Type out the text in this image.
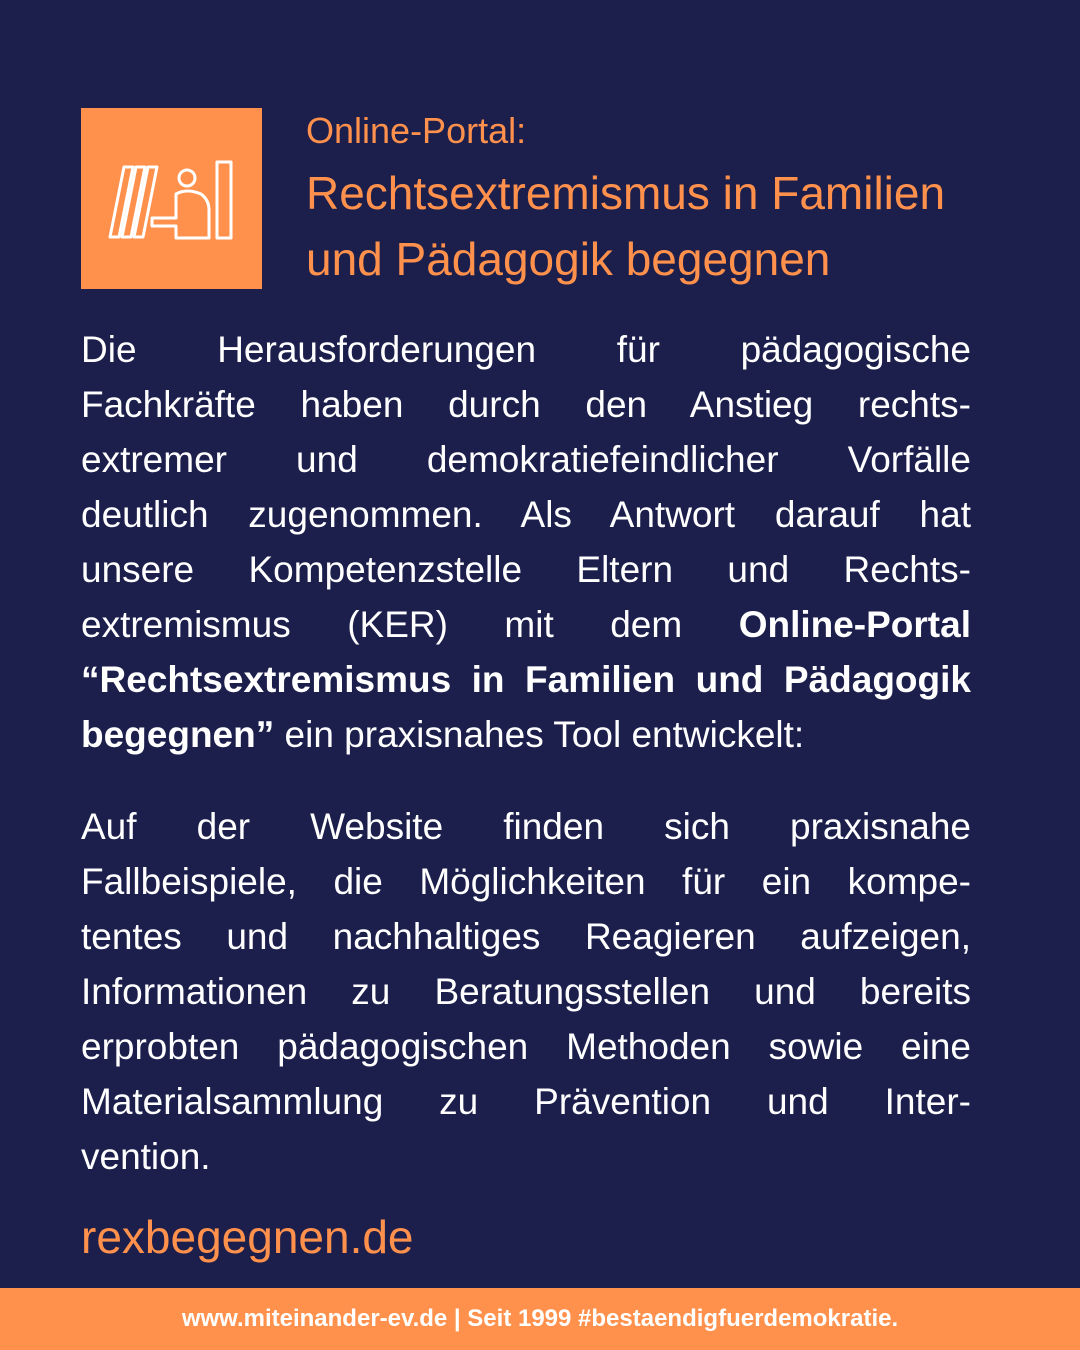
Online-Portal:

Rechtsextremismus in Familien
und Pädagogik begegnen
Die Herausforderungen für pädagogische
Fachkräfte haben durch den Anstieg rechts-
extremer und demokratiefeindlicher Vorfälle
deutlich zugenommen. Als Antwort darauf hat
unsere Kompetenzstelle Eltern und Rechts-
extremismus (KER) mit dem Online-Portal
“Rechtsextremismus in Familien und Pädagogik
begegnen” ein praxisnahes Tool entwickelt:
Auf der Website finden sich praxisnahe
Fallbeispiele, die Möglichkeiten für ein kompe-
tentes und nachhaltiges Reagieren aufzeigen,
Informationen zu Beratungsstellen und bereits
erprobten pädagogischen Methoden sowie eine
Materialsammlung zu Prävention und Inter-
vention.
rexbegegnen.de
www.miteinander-ev.de | Seit 1999 #bestaendigfuerdemokratie.
